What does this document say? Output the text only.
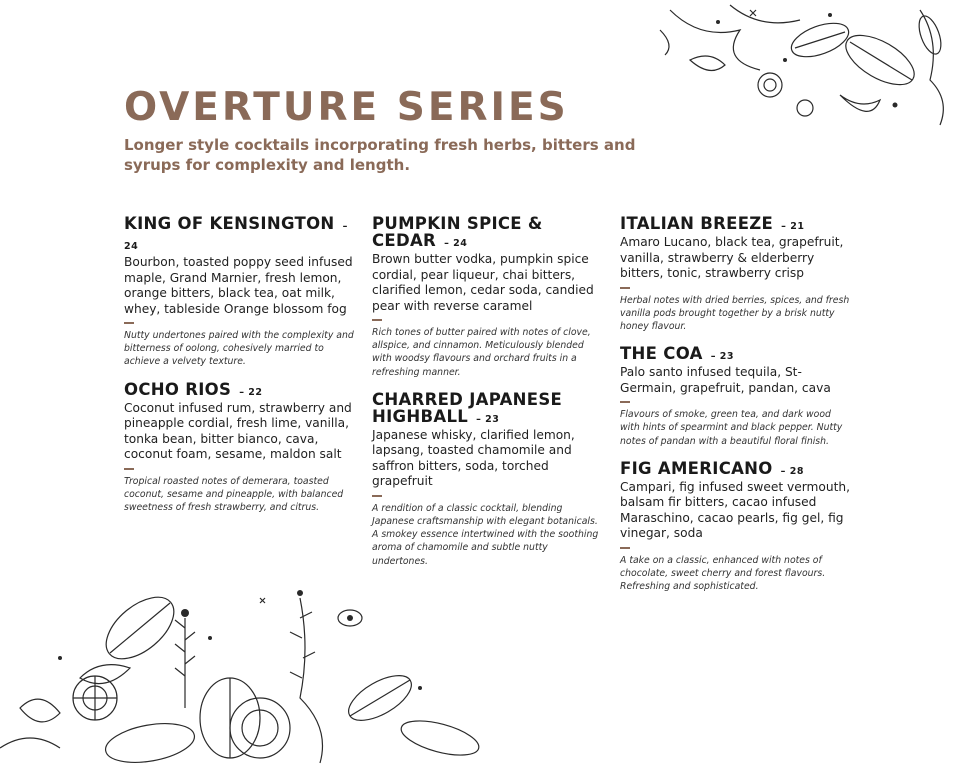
OVERTURE SERIES

Longer style cocktails incorporating fresh herbs, bitters and syrups for complexity and length.

KING OF KENSINGTON – 24

Bourbon, toasted poppy seed infused maple, Grand Marnier, fresh lemon, orange bitters, black tea, oat milk, whey, tableside Orange blossom fog

Nutty undertones paired with the complexity and bitterness of oolong, cohesively married to achieve a velvety texture.

OCHO RIOS – 22

Coconut infused rum, strawberry and pineapple cordial, fresh lime, vanilla, tonka bean, bitter bianco, cava, coconut foam, sesame, maldon salt

Tropical roasted notes of demerara, toasted coconut, sesame and pineapple, with balanced sweetness of fresh strawberry, and citrus.

PUMPKIN SPICE & CEDAR – 24

Brown butter vodka, pumpkin spice cordial, pear liqueur, chai bitters, clarified lemon, cedar soda, candied pear with reverse caramel

Rich tones of butter paired with notes of clove, allspice, and cinnamon. Meticulously blended with woodsy flavours and orchard fruits in a refreshing manner.

CHARRED JAPANESE HIGHBALL – 23

Japanese whisky, clarified lemon, lapsang, toasted chamomile and saffron bitters, soda, torched grapefruit

A rendition of a classic cocktail, blending Japanese craftsmanship with elegant botanicals. A smokey essence intertwined with the soothing aroma of chamomile and subtle nutty undertones.

ITALIAN BREEZE – 21

Amaro Lucano, black tea, grapefruit, vanilla, strawberry & elderberry bitters, tonic, strawberry crisp

Herbal notes with dried berries, spices, and fresh vanilla pods brought together by a brisk nutty honey flavour.

THE COA – 23

Palo santo infused tequila, St-Germain, grapefruit, pandan, cava

Flavours of smoke, green tea, and dark wood with hints of spearmint and black pepper. Nutty notes of pandan with a beautiful floral finish.

FIG AMERICANO – 28

Campari, fig infused sweet vermouth, balsam fir bitters, cacao infused Maraschino, cacao pearls, fig gel, fig vinegar, soda

A take on a classic, enhanced with notes of chocolate, sweet cherry and forest flavours. Refreshing and sophisticated.
